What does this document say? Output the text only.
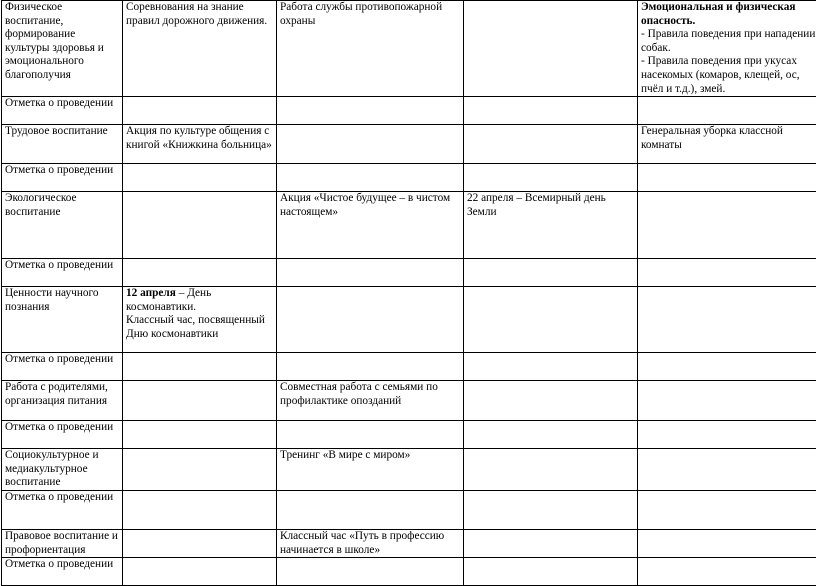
Физическое воспитание, формирование культуры здоровья и эмоционального благополучия	Соревнования на знание правил дорожного движения.	Работа службы противопожарной охраны		Эмоциональная и физическая опасность.
- Правила поведения при нападении собак.
- Правила поведения при укусах насекомых (комаров, клещей, ос, пчёл и т.д.), змей.

Отметка о проведении				
Трудовое воспитание	Акция по культуре общения с книгой «Книжкина больница»			Генеральная уборка классной комнаты
Отметка о проведении				
Экологическое воспитание		Акция «Чистое будущее – в чистом настоящем»	22 апреля – Всемирный день Земли	
Отметка о проведении				
Ценности научного познания	12 апреля – День космонавтики.
Классный час, посвященный Дню космонавтики			

Отметка о проведении				
Работа с родителями, организация питания		Совместная работа с семьями по профилактике опозданий		
Отметка о проведении				
Социокультурное и медиакультурное воспитание		Тренинг «В мире с миром»		
Отметка о проведении				
Правовое воспитание и профориентация		Классный час «Путь в профессию начинается в школе»		
Отметка о проведении				
